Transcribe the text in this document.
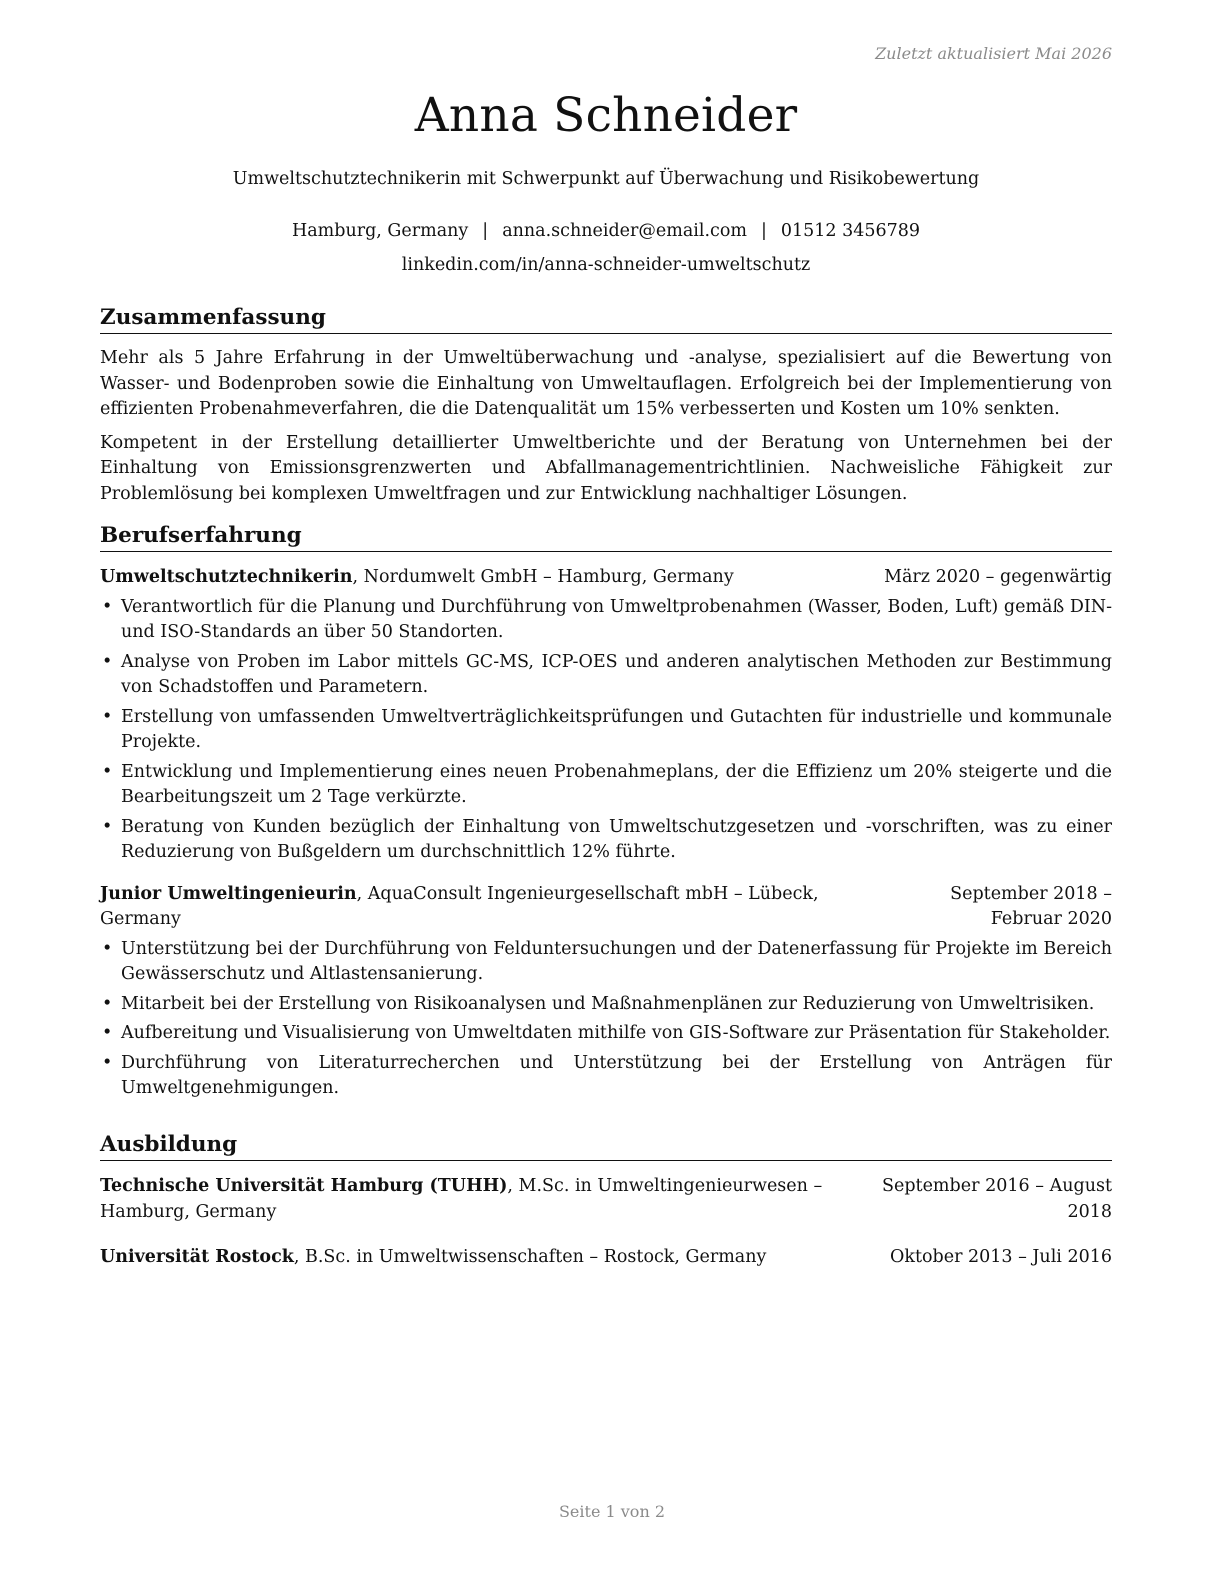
Zuletzt aktualisiert Mai 2026
Anna Schneider
Umweltschutztechnikerin mit Schwerpunkt auf Überwachung und Risikobewertung
Hamburg, Germany | anna.schneider@email.com | 01512 3456789
linkedin.com/in/anna-schneider-umweltschutz
Zusammenfassung

Mehr als 5 Jahre Erfahrung in der Umweltüberwachung und -analyse, spezialisiert auf die Bewertung von Wasser- und Bodenproben sowie die Einhaltung von Umweltauflagen. Erfolgreich bei der Implementierung von effizienten Probenahmeverfahren, die die Datenqualität um 15% verbesserten und Kosten um 10% senkten.

Kompetent in der Erstellung detaillierter Umweltberichte und der Beratung von Unternehmen bei der Einhaltung von Emissionsgrenzwerten und Abfallmanagementrichtlinien. Nachweisliche Fähigkeit zur Problemlösung bei komplexen Umweltfragen und zur Entwicklung nachhaltiger Lösungen.

Berufserfahrung
Umweltschutztechnikerin, Nordumwelt GmbH – Hamburg, Germany	März 2020 – gegenwärtig
• Verantwortlich für die Planung und Durchführung von Umweltprobenahmen (Wasser, Boden, Luft) gemäß DIN- und ISO-Standards an über 50 Standorten.
• Analyse von Proben im Labor mittels GC-MS, ICP-OES und anderen analytischen Methoden zur Bestimmung von Schadstoffen und Parametern.
• Erstellung von umfassenden Umweltverträglichkeitsprüfungen und Gutachten für industrielle und kommunale Projekte.
• Entwicklung und Implementierung eines neuen Probenahmeplans, der die Effizienz um 20% steigerte und die Bearbeitungszeit um 2 Tage verkürzte.
• Beratung von Kunden bezüglich der Einhaltung von Umweltschutzgesetzen und -vorschriften, was zu einer Reduzierung von Bußgeldern um durchschnittlich 12% führte.
Junior Umweltingenieurin, AquaConsult Ingenieurgesellschaft mbH – Lübeck, Germany
September 2018 – Februar 2020
• Unterstützung bei der Durchführung von Felduntersuchungen und der Datenerfassung für Projekte im Bereich Gewässerschutz und Altlastensanierung.
• Mitarbeit bei der Erstellung von Risikoanalysen und Maßnahmenplänen zur Reduzierung von Umweltrisiken.
• Aufbereitung und Visualisierung von Umweltdaten mithilfe von GIS-Software zur Präsentation für Stakeholder.
• Durchführung von Literaturrecherchen und Unterstützung bei der Erstellung von Anträgen für Umweltgenehmigungen.
Ausbildung
Technische Universität Hamburg (TUHH), M.Sc. in Umweltingenieurwesen – Hamburg, Germany
September 2016 – August 2018
Universität Rostock, B.Sc. in Umweltwissenschaften – Rostock, Germany	Oktober 2013 – Juli 2016
Seite 1 von 2
